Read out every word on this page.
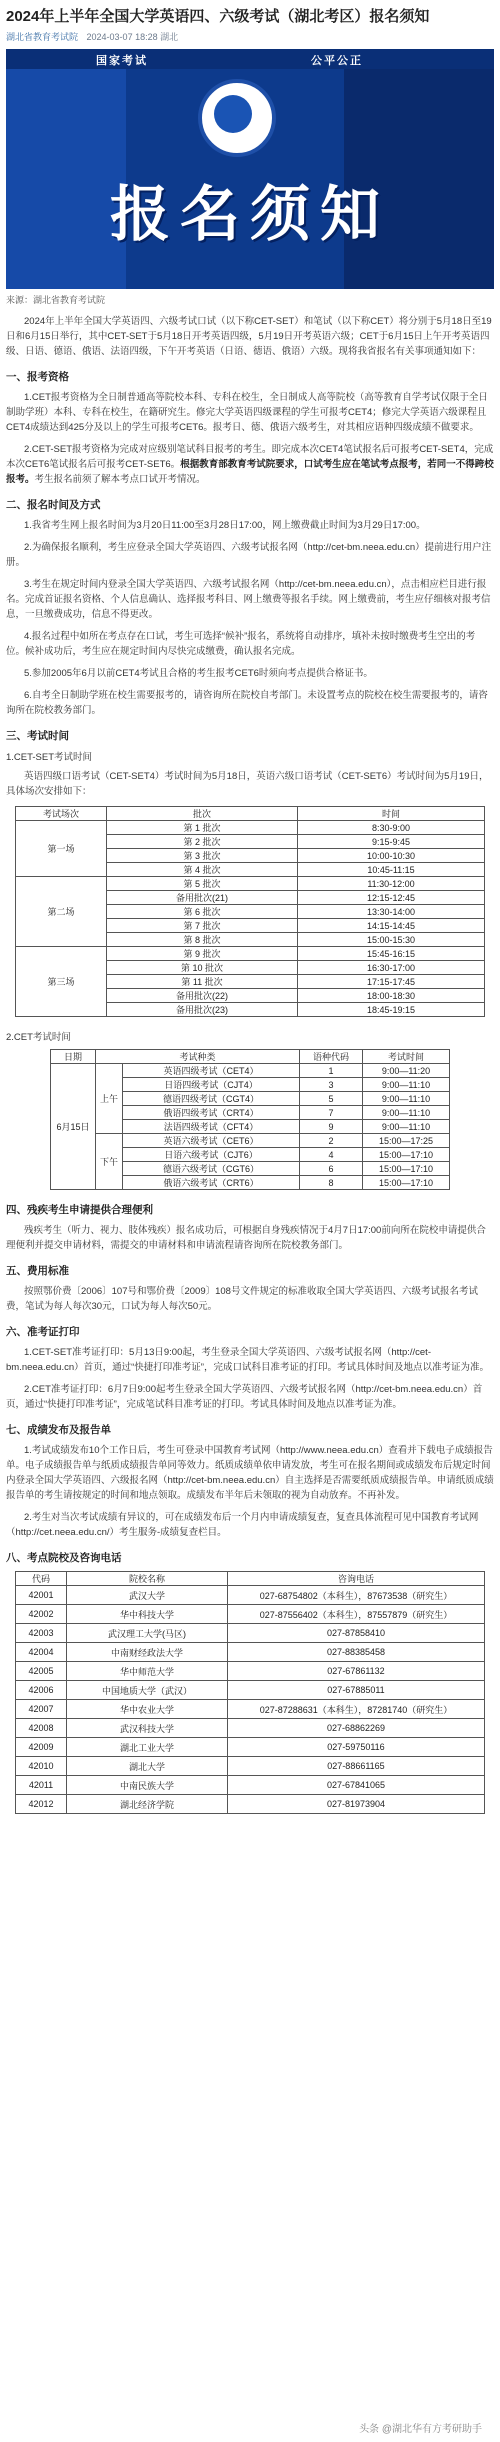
2024年上半年全国大学英语四、六级考试（湖北考区）报名须知
湖北省教育考试院 2024-03-07 18:28 湖北
国家考试	公平公正
报名须知
来源：湖北省教育考试院

2024年上半年全国大学英语四、六级考试口试（以下称CET-SET）和笔试（以下称CET）将分别于5月18日至19日和6月15日举行，其中CET-SET于5月18日开考英语四级，5月19日开考英语六级；CET于6月15日上午开考英语四级、日语、德语、俄语、法语四级，下午开考英语（日语、德语、俄语）六级。现将我省报名有关事项通知如下：

一、报考资格

1.CET报考资格为全日制普通高等院校本科、专科在校生，全日制成人高等院校（高等教育自学考试仅限于全日制助学班）本科、专科在校生，在籍研究生。修完大学英语四级课程的学生可报考CET4；修完大学英语六级课程且CET4成绩达到425分及以上的学生可报考CET6。报考日、德、俄语六级考生，对其相应语种四级成绩不做要求。

2.CET-SET报考资格为完成对应级别笔试科目报考的考生。即完成本次CET4笔试报名后可报考CET-SET4，完成本次CET6笔试报名后可报考CET-SET6。根据教育部教育考试院要求，口试考生应在笔试考点报考，若同一不得跨校报考。考生报名前须了解本考点口试开考情况。

二、报名时间及方式

1.我省考生网上报名时间为3月20日11:00至3月28日17:00，网上缴费截止时间为3月29日17:00。

2.为确保报名顺利，考生应登录全国大学英语四、六级考试报名网（http://cet-bm.neea.edu.cn）提前进行用户注册。

3.考生在规定时间内登录全国大学英语四、六级考试报名网（http://cet-bm.neea.edu.cn），点击相应栏目进行报名。完成首证报名资格、个人信息确认、选择报考科目、网上缴费等报名手续。网上缴费前，考生应仔细核对报考信息，一旦缴费成功，信息不得更改。

4.报名过程中如所在考点存在口试，考生可选择“候补”报名，系统将自动排序，填补未按时缴费考生空出的考位。候补成功后，考生应在规定时间内尽快完成缴费，确认报名完成。

5.参加2005年6月以前CET4考试且合格的考生报考CET6时须向考点提供合格证书。

6.自考全日制助学班在校生需要报考的，请咨询所在院校自考部门。未设置考点的院校在校生需要报考的，请咨询所在院校教务部门。

三、考试时间
1.CET-SET考试时间

英语四级口语考试（CET-SET4）考试时间为5月18日，英语六级口语考试（CET-SET6）考试时间为5月19日，具体场次安排如下：

考试场次	批次	时间
第一场	第 1 批次	8:30-9:00
	第 2 批次	9:15-9:45
	第 3 批次	10:00-10:30
	第 4 批次	10:45-11:15
第二场	第 5 批次	11:30-12:00
	备用批次(21)	12:15-12:45
	第 6 批次	13:30-14:00
	第 7 批次	14:15-14:45
	第 8 批次	15:00-15:30
第三场	第 9 批次	15:45-16:15
	第 10 批次	16:30-17:00
	第 11 批次	17:15-17:45
	备用批次(22)	18:00-18:30
	备用批次(23)	18:45-19:15
2.CET考试时间
日期	考试种类		语种代码	考试时间
6月15日	上午	英语四级考试（CET4）	1	9:00—11:20
		日语四级考试（CJT4）	3	9:00—11:10
		德语四级考试（CGT4）	5	9:00—11:10
		俄语四级考试（CRT4）	7	9:00—11:10
		法语四级考试（CFT4）	9	9:00—11:10
	下午	英语六级考试（CET6）	2	15:00—17:25
		日语六级考试（CJT6）	4	15:00—17:10
		德语六级考试（CGT6）	6	15:00—17:10
		俄语六级考试（CRT6）	8	15:00—17:10
四、残疾考生申请提供合理便利

残疾考生（听力、视力、肢体残疾）报名成功后，可根据自身残疾情况于4月7日17:00前向所在院校申请提供合理便利并提交申请材料，需提交的申请材料和申请流程请咨询所在院校教务部门。

五、费用标准

按照鄂价费〔2006〕107号和鄂价费〔2009〕108号文件规定的标准收取全国大学英语四、六级考试报名考试费，笔试为每人每次30元，口试为每人每次50元。

六、准考证打印

1.CET-SET准考证打印：5月13日9:00起，考生登录全国大学英语四、六级考试报名网（http://cet-bm.neea.edu.cn）首页，通过“快捷打印准考证”，完成口试科目准考证的打印。考试具体时间及地点以准考证为准。

2.CET准考证打印：6月7日9:00起考生登录全国大学英语四、六级考试报名网（http://cet-bm.neea.edu.cn）首页，通过“快捷打印准考证”，完成笔试科目准考证的打印。考试具体时间及地点以准考证为准。

七、成绩发布及报告单

1.考试成绩发布10个工作日后，考生可登录中国教育考试网（http://www.neea.edu.cn）查看并下载电子成绩报告单。电子成绩报告单与纸质成绩报告单同等效力。纸质成绩单依申请发放，考生可在报名期间或成绩发布后规定时间内登录全国大学英语四、六级报名网（http://cet-bm.neea.edu.cn）自主选择是否需要纸质成绩报告单。申请纸质成绩报告单的考生请按规定的时间和地点领取。成绩发布半年后未领取的视为自动放弃。不再补发。

2.考生对当次考试成绩有异议的，可在成绩发布后一个月内申请成绩复查，复查具体流程可见中国教育考试网（http://cet.neea.edu.cn/）考生服务-成绩复查栏目。

八、考点院校及咨询电话
代码	院校名称	咨询电话
42001	武汉大学	027-68754802（本科生），87673538（研究生）
42002	华中科技大学	027-87556402（本科生），87557879（研究生）
42003	武汉理工大学(马区)	027-87858410
42004	中南财经政法大学	027-88385458
42005	华中师范大学	027-67861132
42006	中国地质大学（武汉）	027-67885011
42007	华中农业大学	027-87288631（本科生），87281740（研究生）
42008	武汉科技大学	027-68862269
42009	湖北工业大学	027-59750116
42010	湖北大学	027-88661165
42011	中南民族大学	027-67841065
42012	湖北经济学院	027-81973904
头条 @湖北华有方考研助手
